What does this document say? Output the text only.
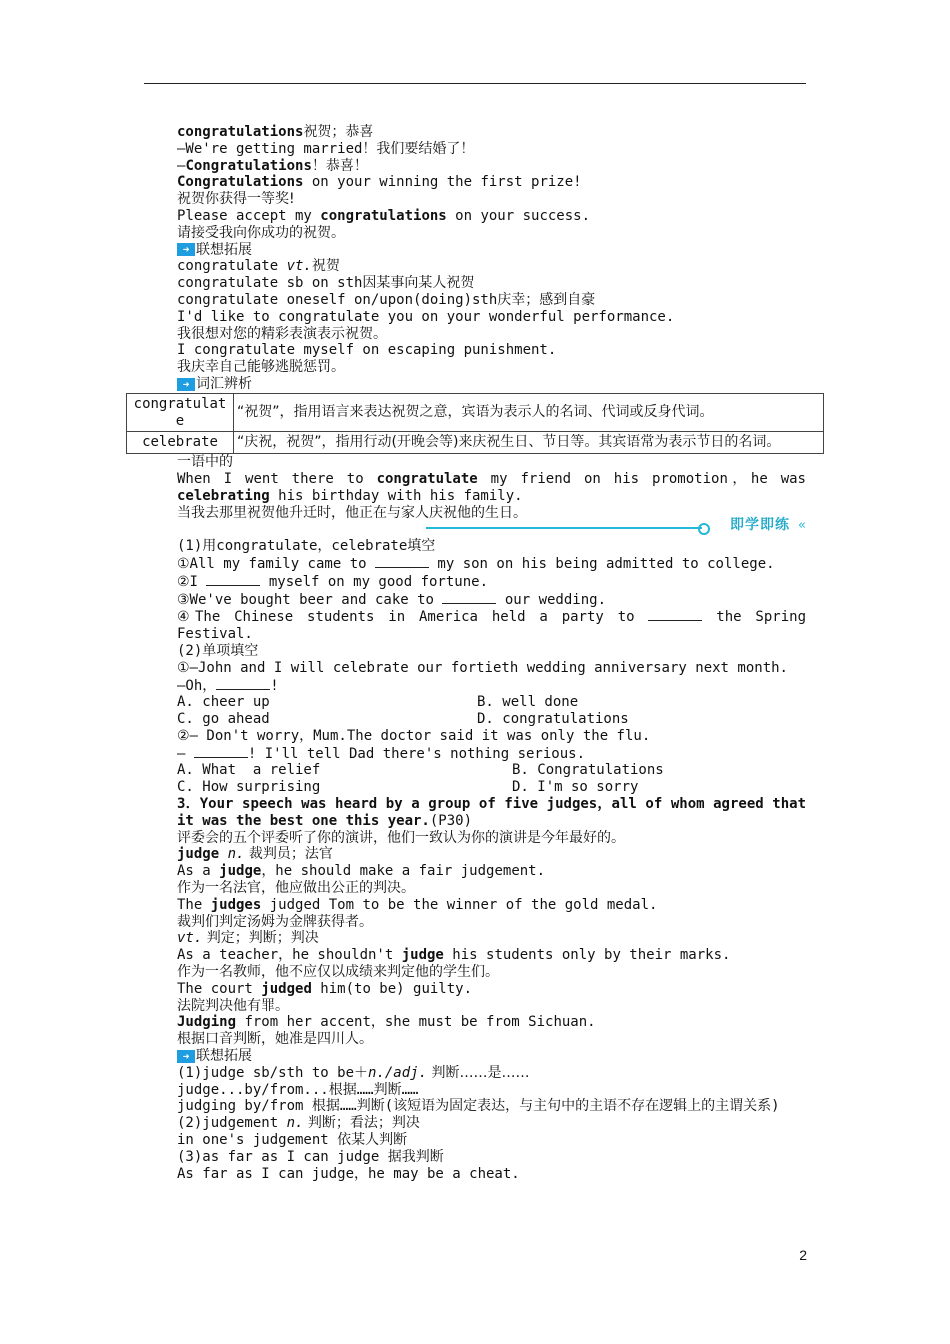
congratulations祝贺；恭喜

—We're getting married！我们要结婚了！

—Congratulations！恭喜！

Congratulations on your winning the first prize!

祝贺你获得一等奖!

Please accept my congratulations on your success.

请接受我向你成功的祝贺。

➜ 联想拓展

congratulate vt.祝贺

congratulate sb on sth因某事向某人祝贺

congratulate oneself on/upon(doing)sth庆幸；感到自豪

I'd like to congratulate you on your wonderful performance.

我很想对您的精彩表演表示祝贺。

I congratulate myself on escaping punishment.

我庆幸自己能够逃脱惩罚。

➜ 词汇辨析
congratulate	“祝贺”，指用语言来表达祝贺之意，宾语为表示人的名词、代词或反身代词。
celebrate	“庆祝，祝贺”，指用行动(开晚会等)来庆祝生日、节日等。其宾语常为表示节日的名词。

一语中的

When I went there to congratulate my friend on his promotion，he was celebrating his birthday with his family.

当我去那里祝贺他升迁时，他正在与家人庆祝他的生日。

即学即练 «

(1)用congratulate，celebrate填空

①All my family came to	my son on his being admitted to college.

②I	myself on my good fortune.

③We've bought beer and cake to	our wedding.

④The Chinese students in America held a party to	the Spring Festival.

(2)单项填空

①—John and I will celebrate our fortieth wedding anniversary next month.

—Oh，	!

A. cheer up	B. well done
C. go ahead	D. congratulations

②— Don't worry，Mum.The doctor said it was only the flu.

—	! I'll tell Dad there's nothing serious.

A. What  a relief	B. Congratulations
C. How surprising	D. I'm so sorry

3．Your speech was heard by a group of five judges，all of whom agreed that it was the best one this year.(P30)

评委会的五个评委听了你的演讲，他们一致认为你的演讲是今年最好的。

judge n. 裁判员；法官

As a judge，he should make a fair judgement.

作为一名法官，他应做出公正的判决。

The judges judged Tom to be the winner of the gold medal.

裁判们判定汤姆为金牌获得者。

vt. 判定；判断；判决

As a teacher，he shouldn't judge his students only by their marks.

作为一名教师，他不应仅以成绩来判定他的学生们。

The court judged him(to be) guilty.

法院判决他有罪。

Judging from her accent，she must be from Sichuan.

根据口音判断，她准是四川人。

➜ 联想拓展

(1)judge sb/sth to be＋n./adj. 判断……是……

judge...by/from...根据……判断……

judging by/from 根据……判断(该短语为固定表达，与主句中的主语不存在逻辑上的主谓关系)

(2)judgement n. 判断；看法；判决

in one's judgement 依某人判断

(3)as far as I can judge 据我判断

As far as I can judge，he may be a cheat.

2
